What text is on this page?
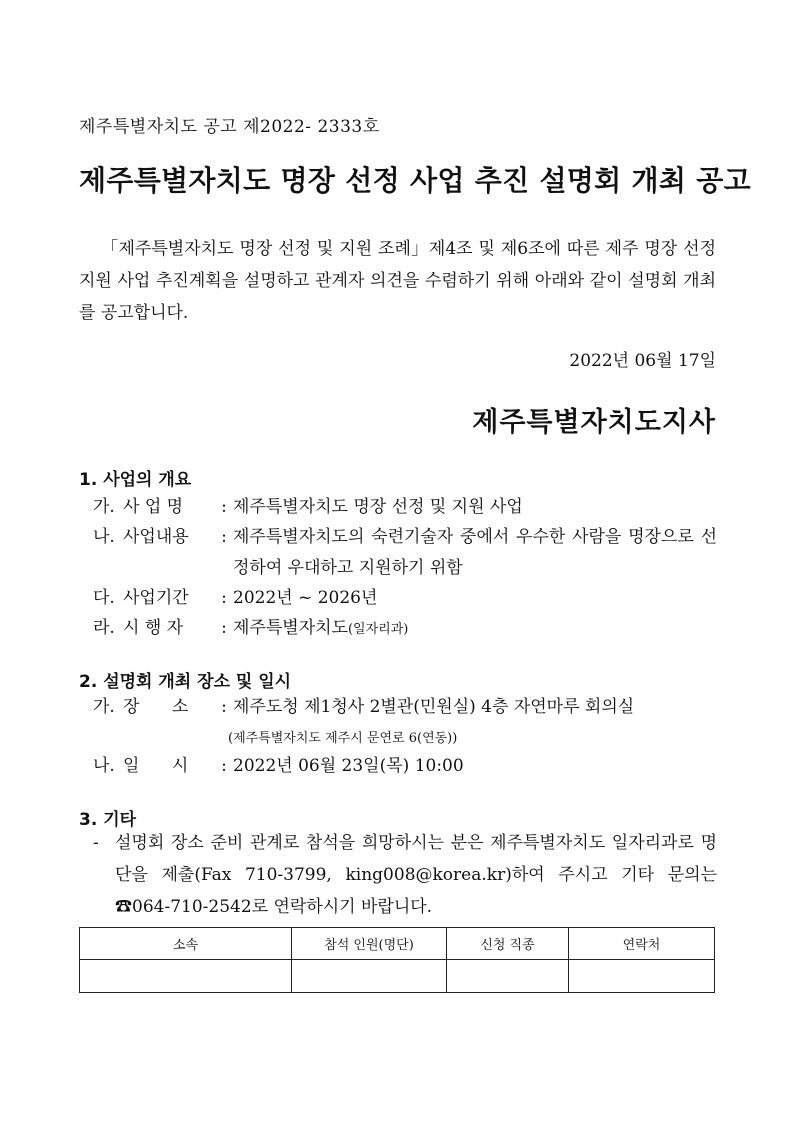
제주특별자치도 공고 제2022- 2333호
제주특별자치도 명장 선정 사업 추진 설명회 개최 공고
「제주특별자치도 명장 선정 및 지원 조례」제4조 및 제6조에 따른 제주 명장 선정 지원 사업 추진계획을 설명하고 관계자 의견을 수렴하기 위해 아래와 같이 설명회 개최를 공고합니다.
2022년 06월 17일
제주특별자치도지사
1. 사업의 개요
가. 사 업 명	: 제주특별자치도 명장 선정 및 지원 사업
나. 사업내용	: 제주특별자치도의 숙련기술자 중에서 우수한 사람을 명장으로 선정하여 우대하고 지원하기 위함
다. 사업기간	: 2022년 ~ 2026년
라. 시 행 자	: 제주특별자치도(일자리과)
2. 설명회 개최 장소 및 일시
가. 장      소	: 제주도청 제1청사 2별관(민원실) 4층 자연마루 회의실
(제주특별자치도 제주시 문연로 6(연동))
나. 일      시	: 2022년 06월 23일(목) 10:00
3. 기타
- 설명회 장소 준비 관계로 참석을 희망하시는 분은 제주특별자치도 일자리과로 명단을 제출(Fax 710-3799, king008@korea.kr)하여 주시고 기타 문의는 ☎064-710-2542로 연락하시기 바랍니다.
소속	참석 인원(명단)	신청 직종	연락처
